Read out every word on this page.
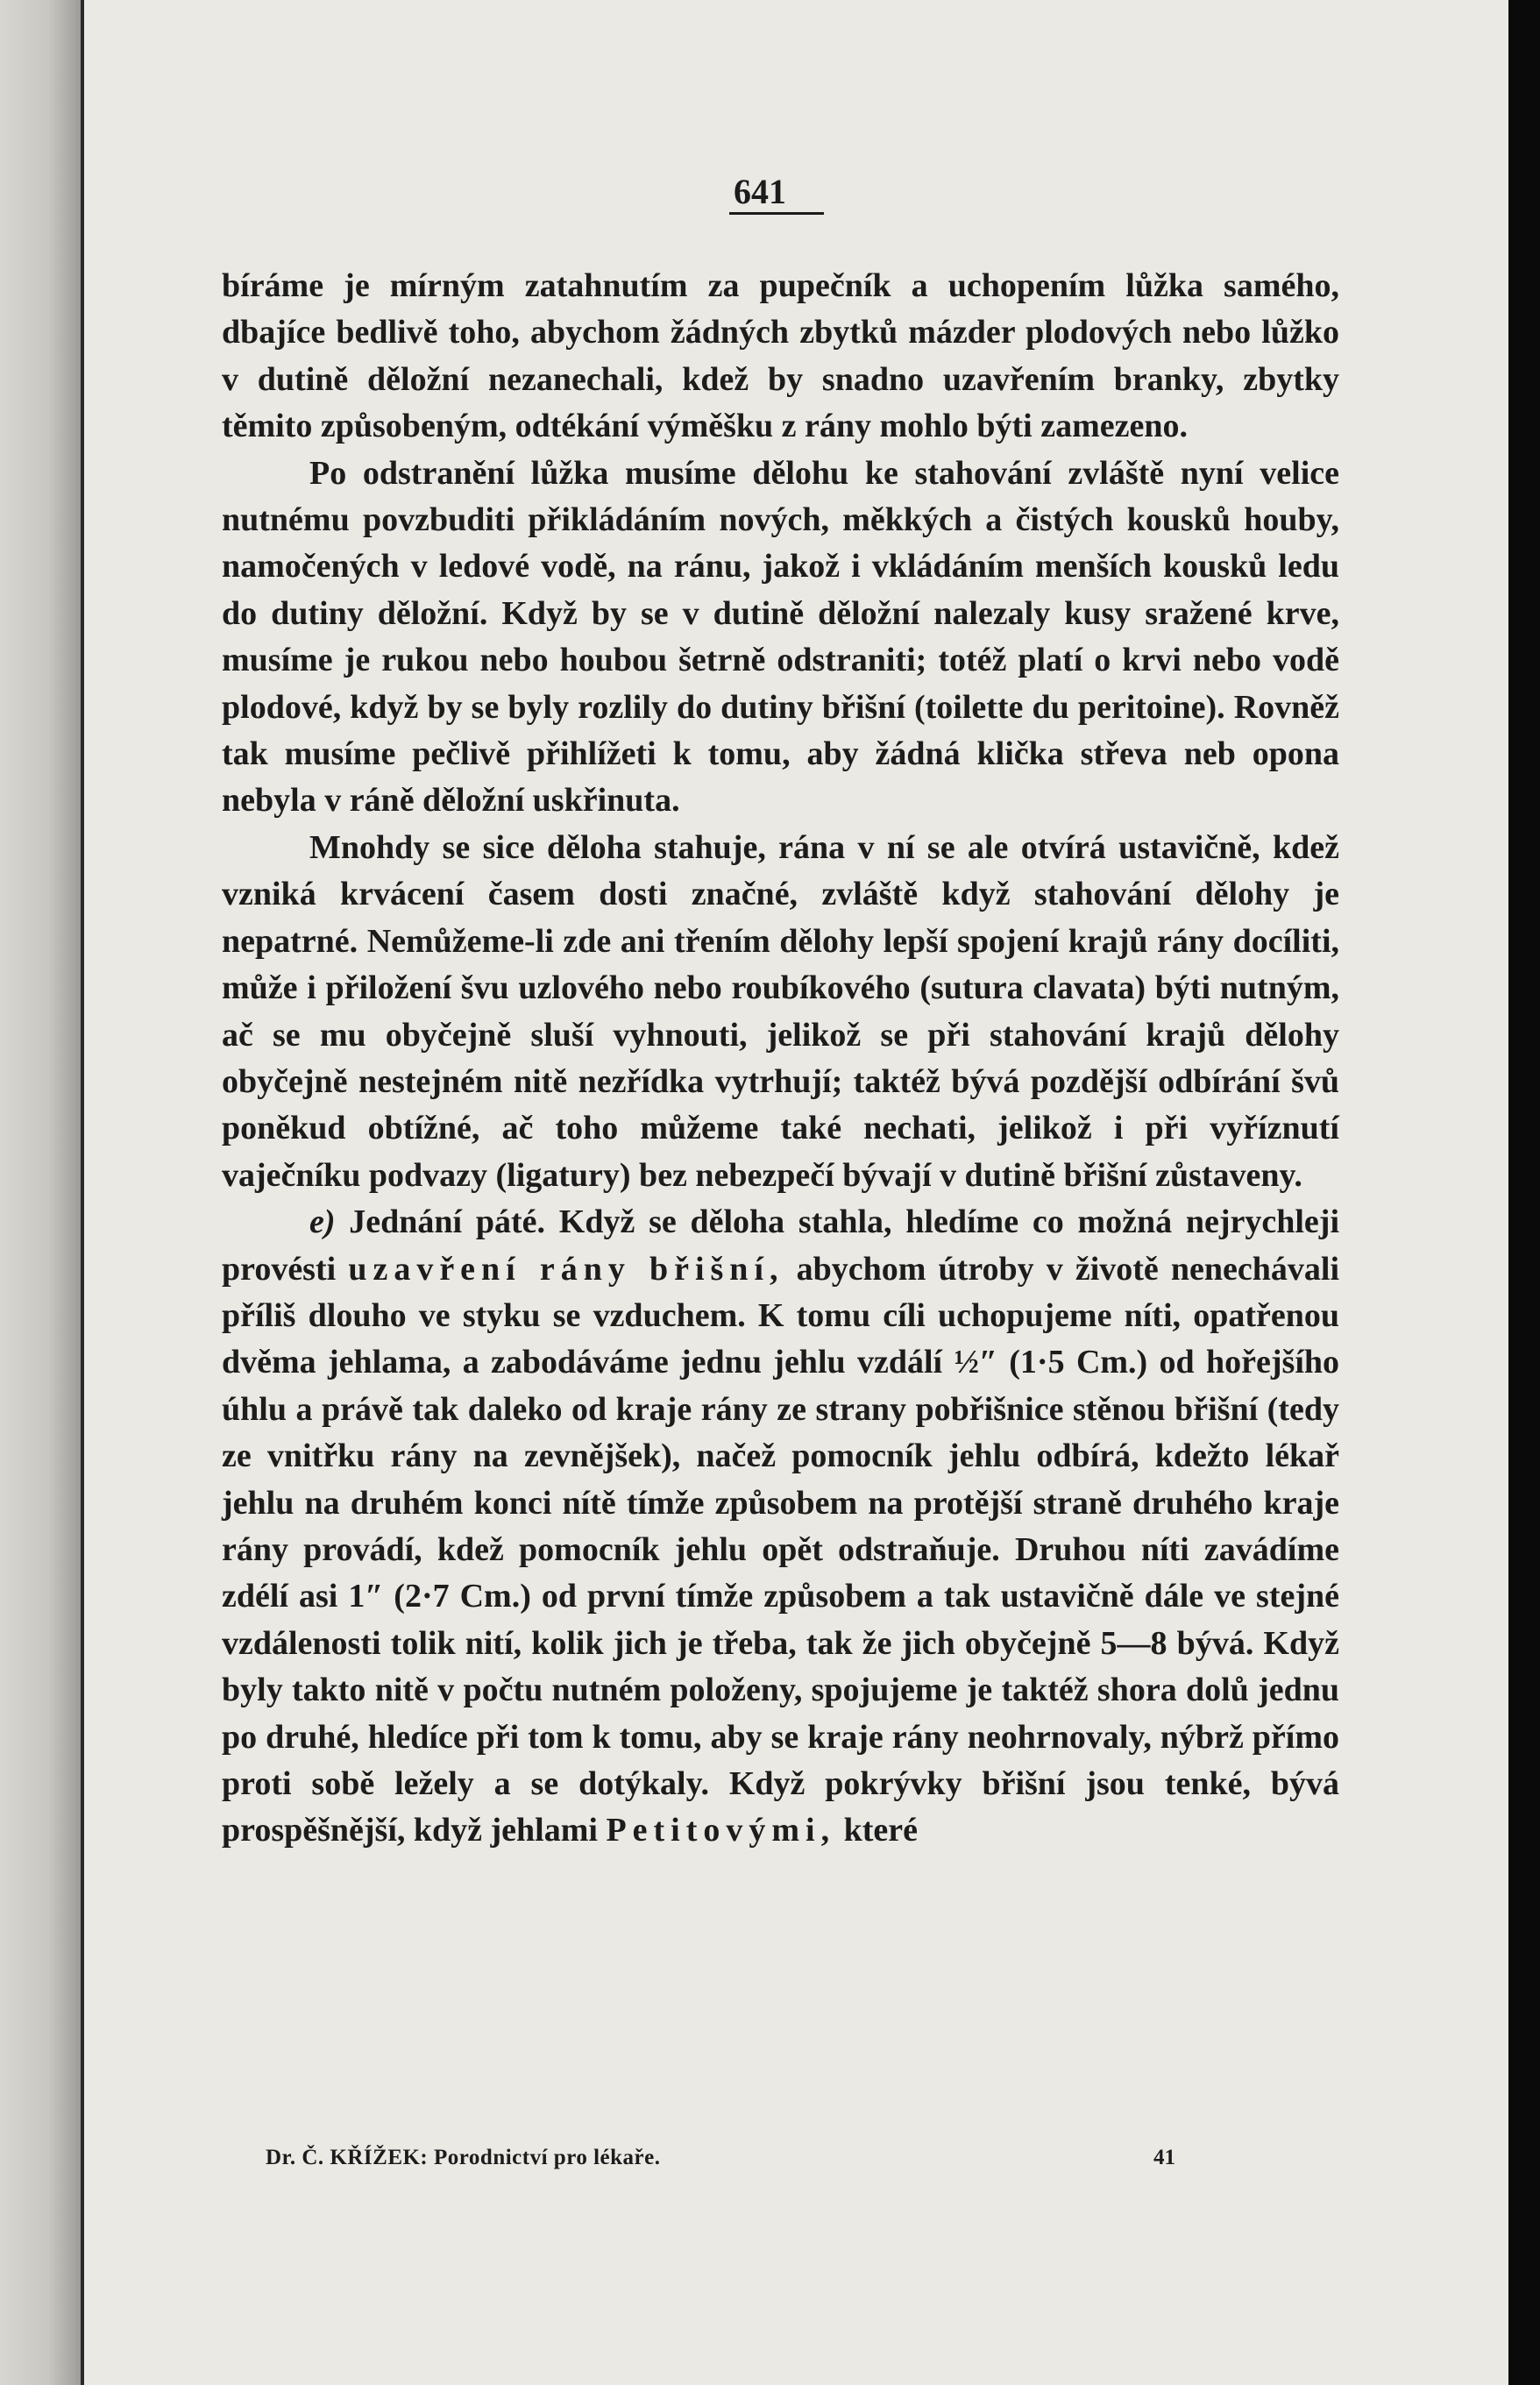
641

bíráme je mírným zatahnutím za pupečník a uchopením lůžka samého, dbajíce bedlivě toho, abychom žádných zbytků mázder plodových nebo lůžko v dutině děložní nezanechali, kdež by snadno uzavřením branky, zbytky těmito způsobeným, odtékání výměšku z rány mohlo býti zamezeno.

Po odstranění lůžka musíme dělohu ke stahování zvláště nyní velice nutnému povzbuditi přikládáním nových, měkkých a čistých kousků houby, namočených v ledové vodě, na ránu, jakož i vkládáním menších kousků ledu do dutiny děložní. Když by se v dutině děložní nalezaly kusy sražené krve, musíme je rukou nebo houbou šetrně odstraniti; totéž platí o krvi nebo vodě plodové, když by se byly rozlily do dutiny břišní (toilette du peritoine). Rovněž tak musíme pečlivě přihlížeti k tomu, aby žádná klička střeva neb opona nebyla v ráně děložní uskřinuta.

Mnohdy se sice děloha stahuje, rána v ní se ale otvírá ustavičně, kdež vzniká krvácení časem dosti značné, zvláště když stahování dělohy je nepatrné. Nemůžeme-li zde ani třením dělohy lepší spojení krajů rány docíliti, může i přiložení švu uzlového nebo roubíkového (sutura clavata) býti nutným, ač se mu obyčejně sluší vyhnouti, jelikož se při stahování krajů dělohy obyčejně nestejném nitě nezřídka vytrhují; taktéž bývá pozdější odbírání švů poněkud obtížné, ač toho můžeme také nechati, jelikož i při vyříznutí vaječníku podvazy (ligatury) bez nebezpečí bývají v dutině břišní zůstaveny.

e) Jednání páté. Když se děloha stahla, hledíme co možná nejrychleji provésti uzavření rány břišní, abychom útroby v životě nenechávali příliš dlouho ve styku se vzduchem. K tomu cíli uchopujeme níti, opatřenou dvěma jehlama, a zabodáváme jednu jehlu vzdálí ½″ (1·5 Cm.) od hořejšího úhlu a právě tak daleko od kraje rány ze strany pobřišnice stěnou břišní (tedy ze vnitřku rány na zevnějšek), načež pomocník jehlu odbírá, kdežto lékař jehlu na druhém konci nítě tímže způsobem na protější straně druhého kraje rány provádí, kdež pomocník jehlu opět odstraňuje. Druhou níti zavádíme zdélí asi 1″ (2·7 Cm.) od první tímže způsobem a tak ustavičně dále ve stejné vzdálenosti tolik nití, kolik jich je třeba, tak že jich obyčejně 5—8 bývá. Když byly takto nitě v počtu nutném položeny, spojujeme je taktéž shora dolů jednu po druhé, hledíce při tom k tomu, aby se kraje rány neohrnovaly, nýbrž přímo proti sobě ležely a se dotýkaly. Když pokrývky břišní jsou tenké, bývá prospěšnější, když jehlami Petitovými, které

Dr. Č. KŘÍŽEK: Porodnictví pro lékaře.	41
